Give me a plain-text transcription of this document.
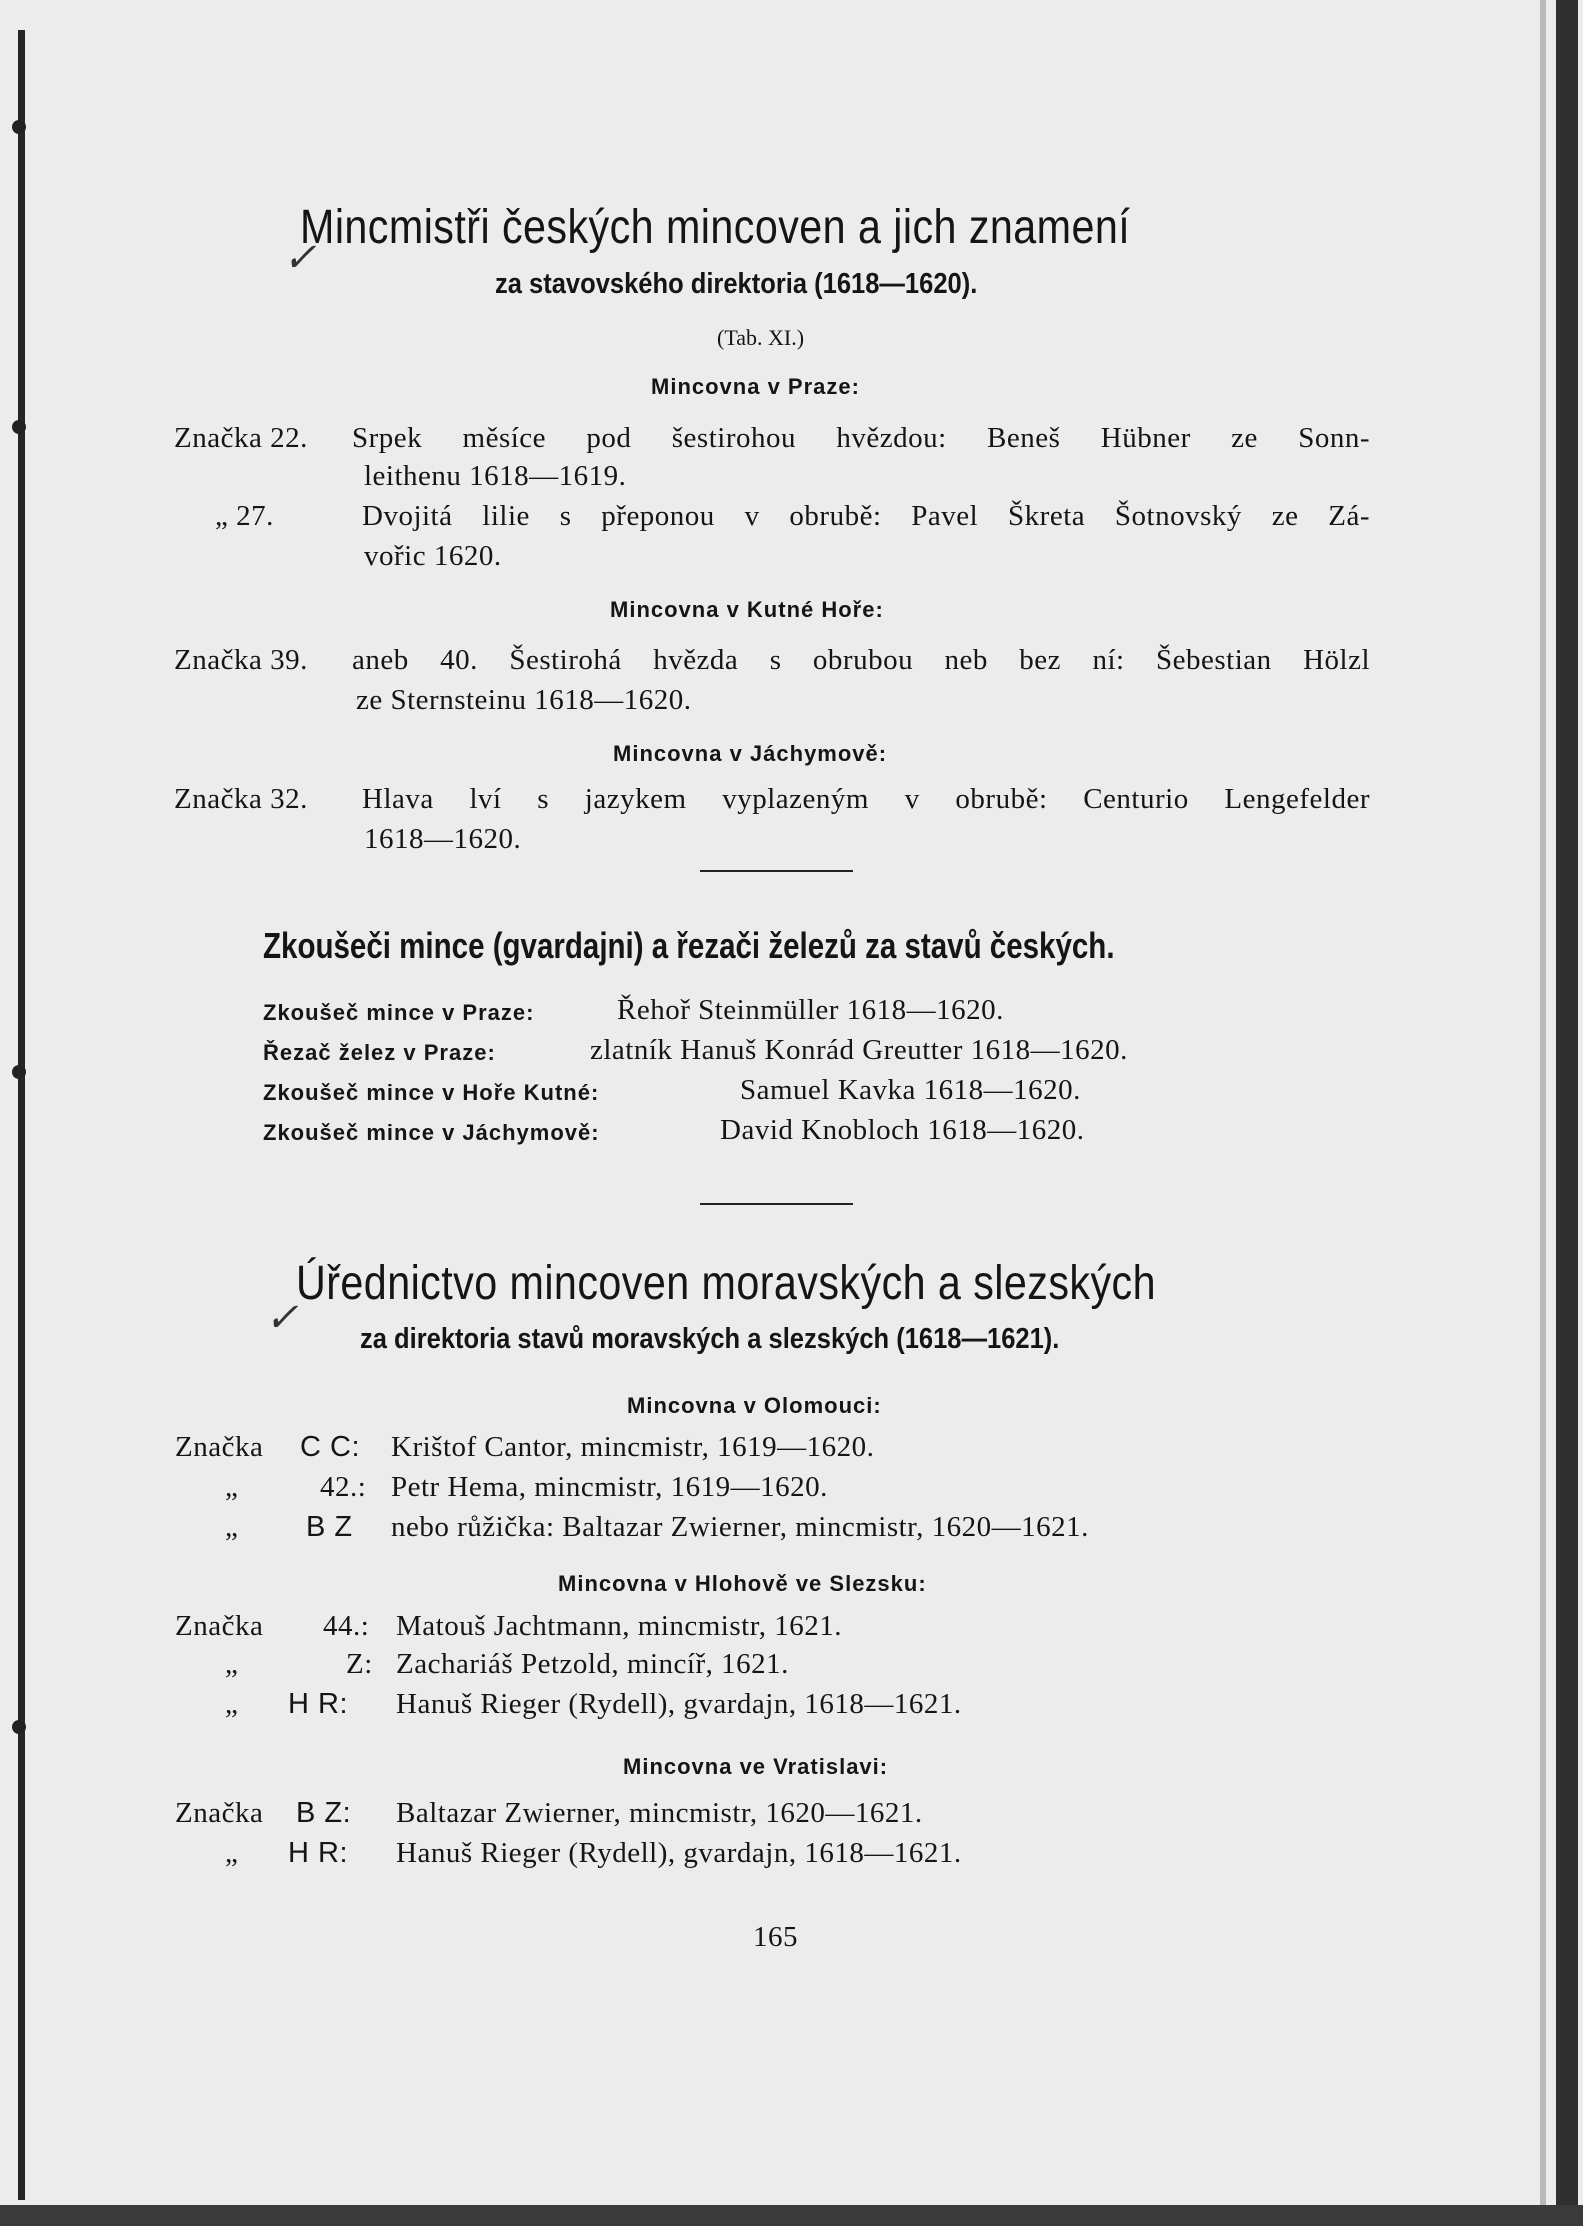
✓
Mincmistři českých mincoven a jich znamení
za stavovského direktoria (1618—1620).
(Tab. XI.)
Mincovna v Praze:
Značka 22. Srpek měsíce pod šestirohou hvězdou: Beneš Hübner ze Sonn-
leithenu 1618—1619.
„ 27.	Dvojitá lilie s přeponou v obrubě: Pavel Škreta Šotnovský ze Zá-
vořic 1620.
Mincovna v Kutné Hoře:
Značka 39. aneb 40. Šestirohá hvězda s obrubou neb bez ní: Šebestian Hölzl
ze Sternsteinu 1618—1620.
Mincovna v Jáchymově:
Značka 32. Hlava lví s jazykem vyplazeným v obrubě: Centurio Lengefelder
1618—1620.
Zkoušeči mince (gvardajni) a řezači železů za stavů českých.
Zkoušeč mince v Praze:	Řehoř Steinmüller 1618—1620.
Řezač želez v Praze:	zlatník Hanuš Konrád Greutter 1618—1620.
Zkoušeč mince v Hoře Kutné:	Samuel Kavka 1618—1620.
Zkoušeč mince v Jáchymově:	David Knobloch 1618—1620.
✓
Úřednictvo mincoven moravských a slezských
za direktoria stavů moravských a slezských (1618—1621).
Mincovna v Olomouci:
Značka C C: Krištof Cantor, mincmistr, 1619—1620.
„	42.: Petr Hema, mincmistr, 1619—1620.
„ B Z nebo růžička: Baltazar Zwierner, mincmistr, 1620—1621.
Mincovna v Hlohově ve Slezsku:
Značka 44.: Matouš Jachtmann, mincmistr, 1621.
„	Z: Zachariáš Petzold, mincíř, 1621.
„ H R: Hanuš Rieger (Rydell), gvardajn, 1618—1621.
Mincovna ve Vratislavi:
Značka B Z: Baltazar Zwierner, mincmistr, 1620—1621.
„ H R: Hanuš Rieger (Rydell), gvardajn, 1618—1621.
165
